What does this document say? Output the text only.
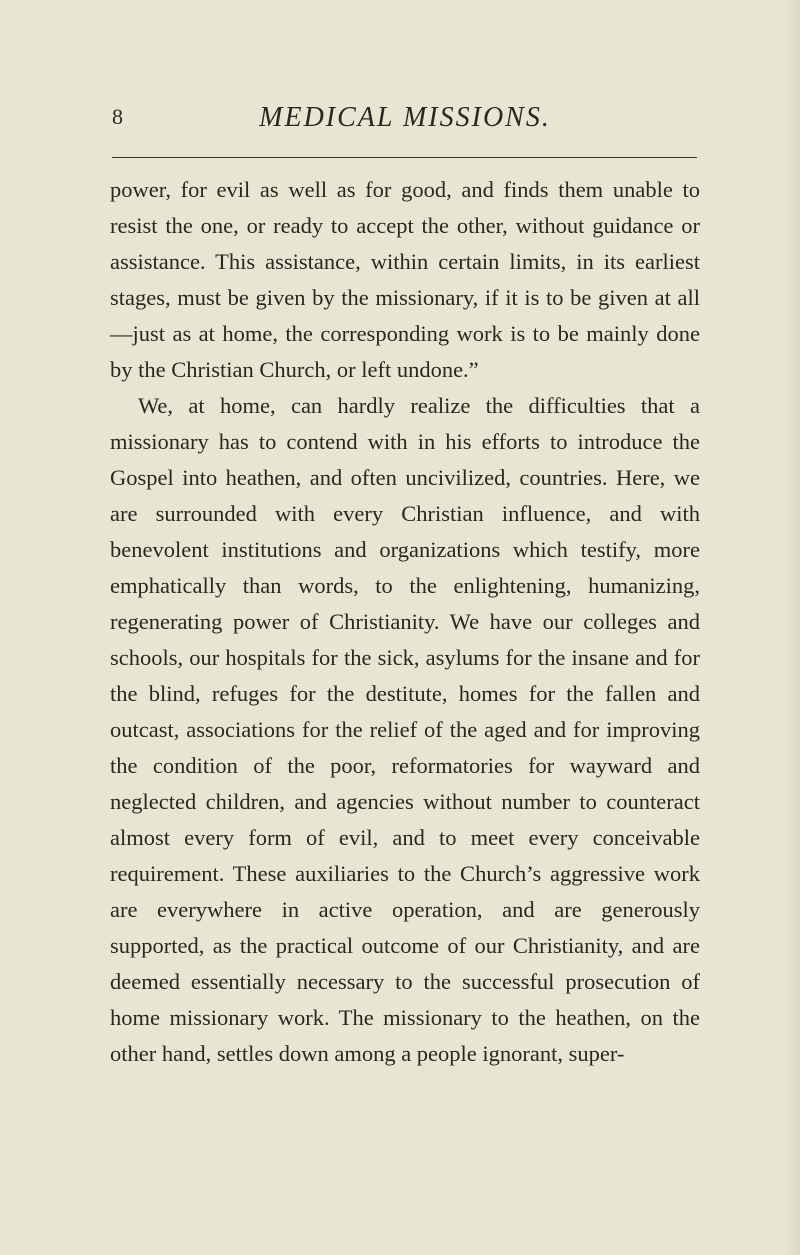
8	MEDICAL MISSIONS.

power, for evil as well as for good, and finds them unable to resist the one, or ready to accept the other, without guidance or assistance. This assistance, within certain limits, in its earliest stages, must be given by the missionary, if it is to be given at all—just as at home, the corresponding work is to be mainly done by the Christian Church, or left undone.”

We, at home, can hardly realize the difficulties that a missionary has to contend with in his efforts to introduce the Gospel into heathen, and often uncivilized, countries. Here, we are surrounded with every Christian influence, and with benevolent institutions and organizations which testify, more emphatically than words, to the enlightening, humanizing, regenerating power of Christianity. We have our colleges and schools, our hospitals for the sick, asylums for the insane and for the blind, refuges for the destitute, homes for the fallen and outcast, associations for the relief of the aged and for improving the condition of the poor, reformatories for wayward and neglected children, and agencies without number to counteract almost every form of evil, and to meet every conceivable requirement. These auxiliaries to the Church’s aggressive work are everywhere in active operation, and are generously supported, as the practical outcome of our Christianity, and are deemed essentially necessary to the successful prosecution of home missionary work. The missionary to the heathen, on the other hand, settles down among a people ignorant, super-
